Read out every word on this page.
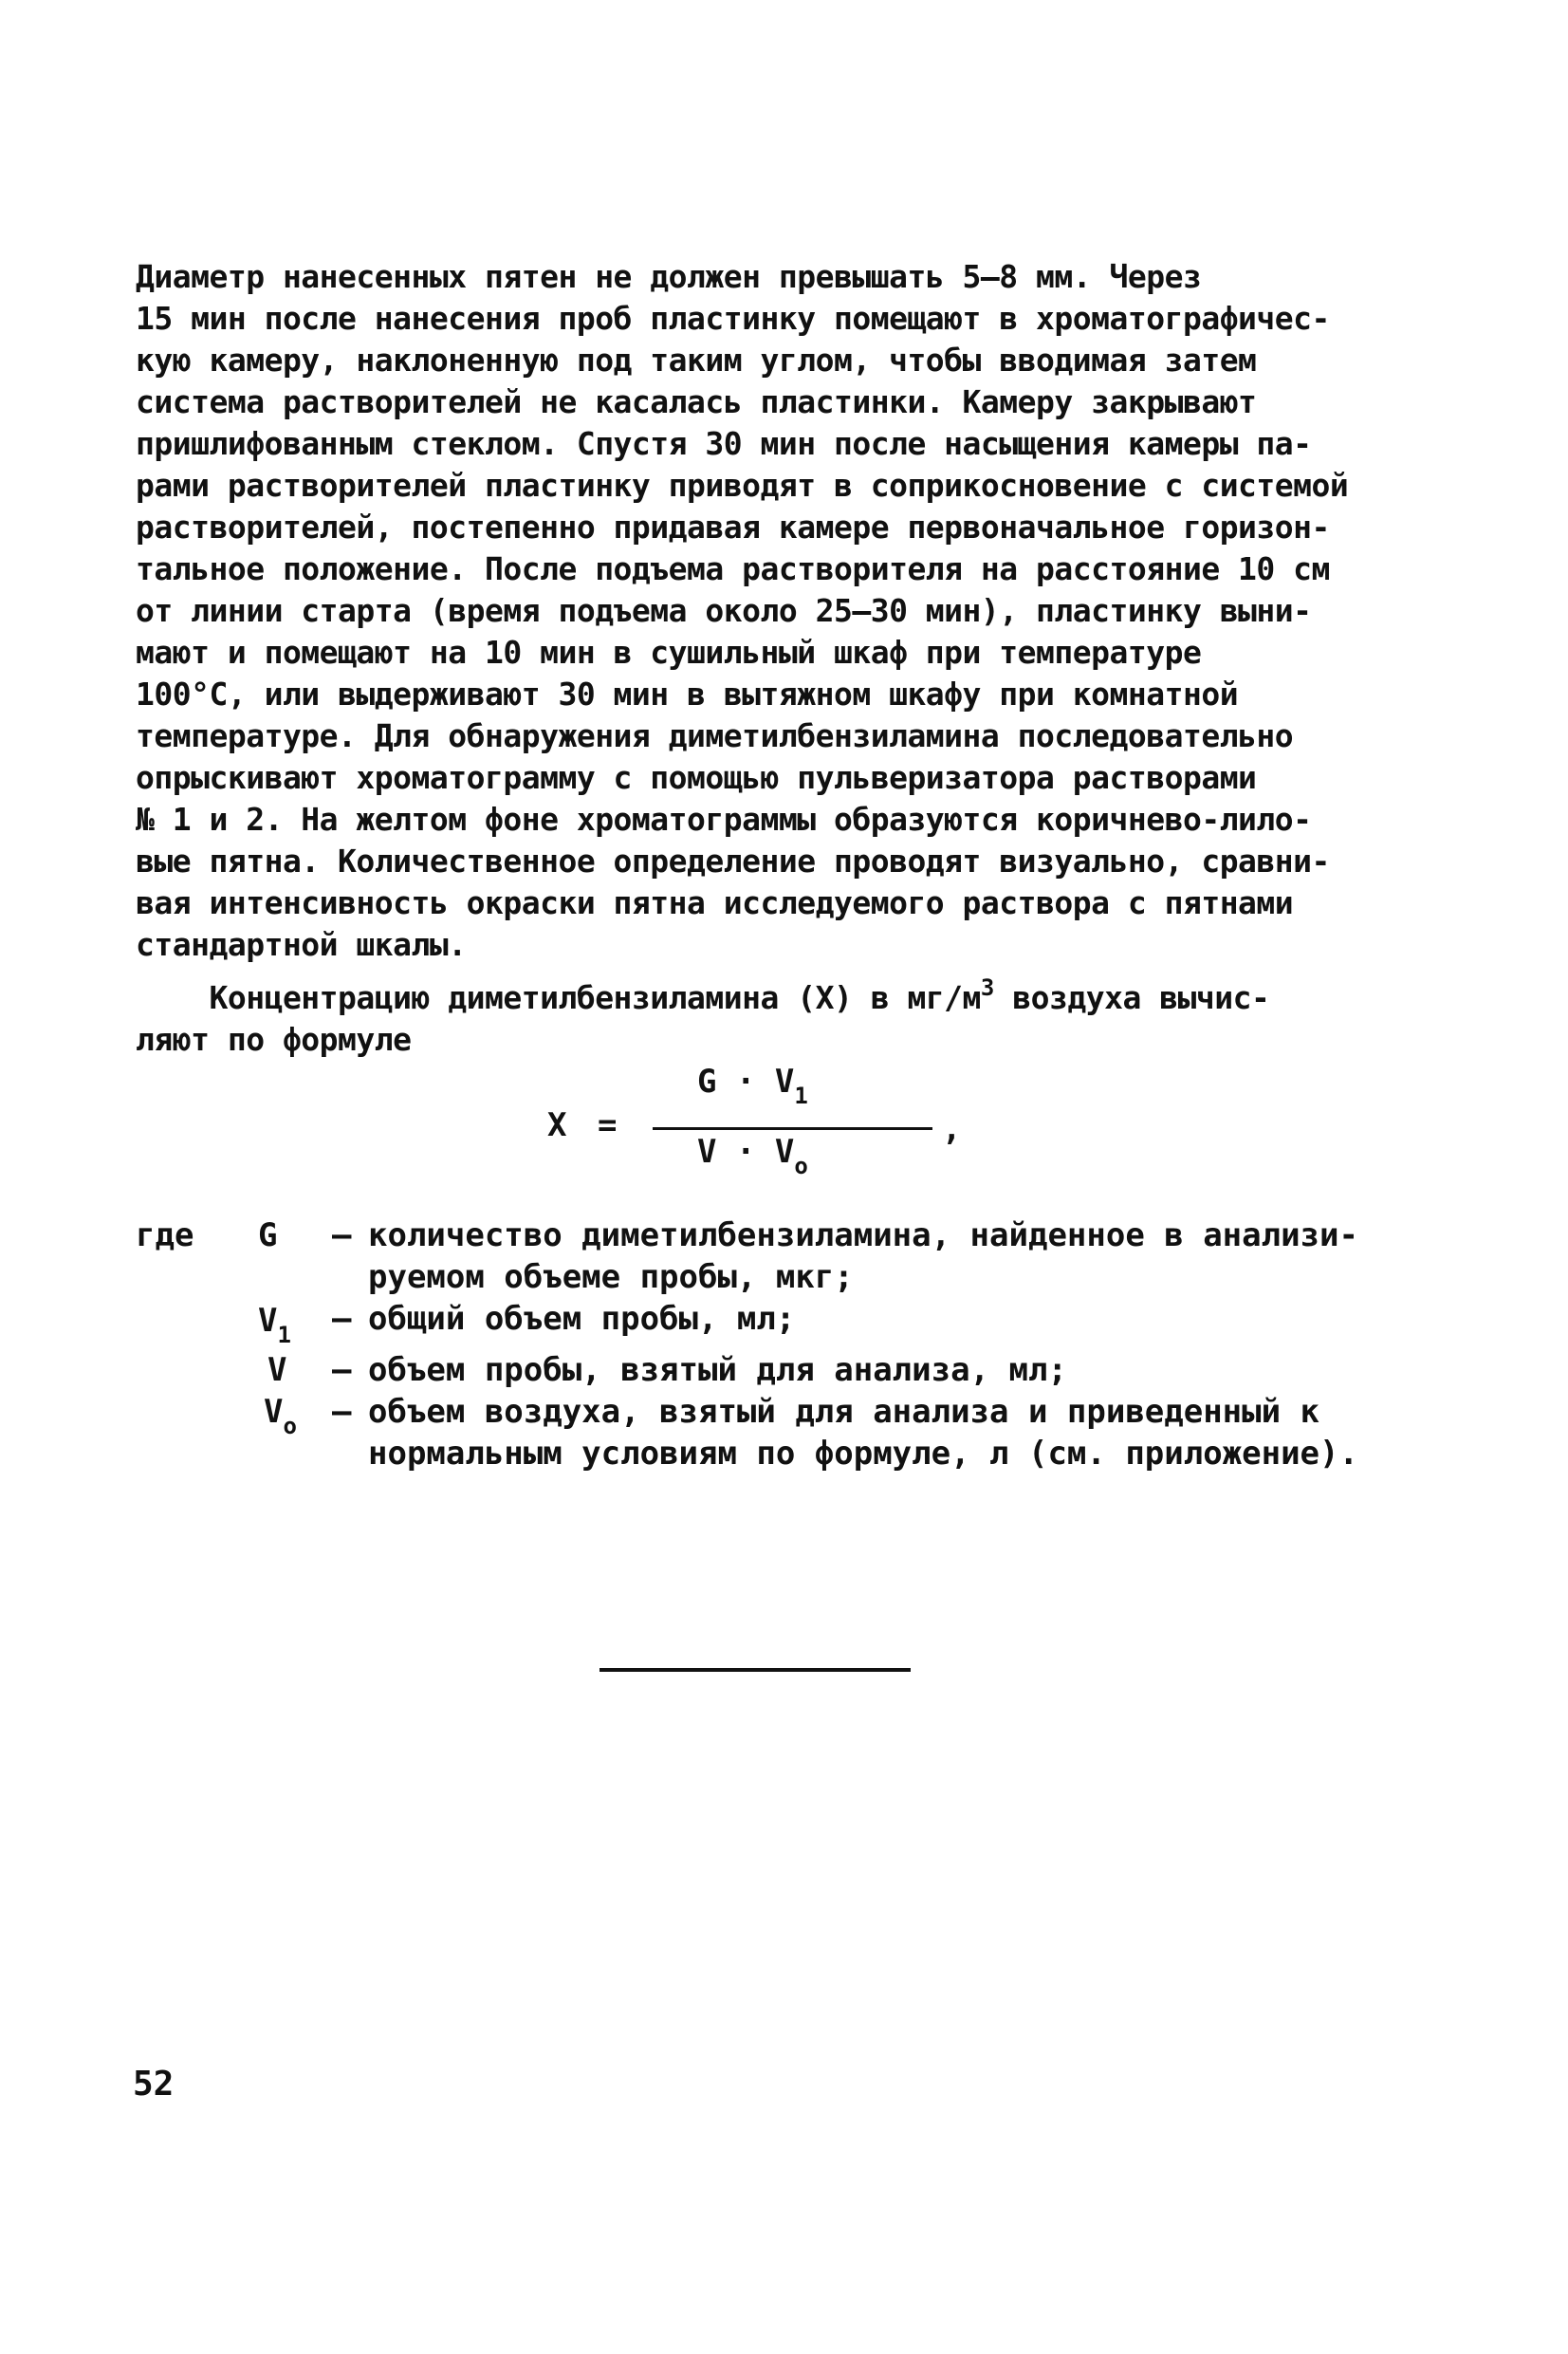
Диаметр нанесенных пятен не должен превышать 5–8 мм. Через
15 мин после нанесения проб пластинку помещают в хроматографичес-
кую камеру, наклоненную под таким углом, чтобы вводимая затем
система растворителей не касалась пластинки. Камеру закрывают
пришлифованным стеклом. Спустя 30 мин после насыщения камеры па-
рами растворителей пластинку приводят в соприкосновение с системой
растворителей, постепенно придавая камере первоначальное горизон-
тальное положение. После подъема растворителя на расстояние 10 см
от линии старта (время подъема около 25–30 мин), пластинку выни-
мают и помещают на 10 мин в сушильный шкаф при температуре
100°С, или выдерживают 30 мин в вытяжном шкафу при комнатной
температуре. Для обнаружения диметилбензиламина последовательно
опрыскивают хроматограмму с помощью пульверизатора растворами
№ 1 и 2. На желтом фоне хроматограммы образуются коричнево-лило-
вые пятна. Количественное определение проводят визуально, сравни-
вая интенсивность окраски пятна исследуемого раствора с пятнами
стандартной шкалы.
Концентрацию диметилбензиламина (X) в $мг/м^3$ воздуха вычис-
ляют по формуле
X =
$G \cdot V_1$
$V \cdot V_o$
,
где G – количество диметилбензиламина, найденное в анализи-
руемом объеме пробы, мкг;
$V_1$ – общий объем пробы, мл;
V – объем пробы, взятый для анализа, мл;
$V_o$ – объем воздуха, взятый для анализа и приведенный к
нормальным условиям по формуле, л (см. приложение).
52
